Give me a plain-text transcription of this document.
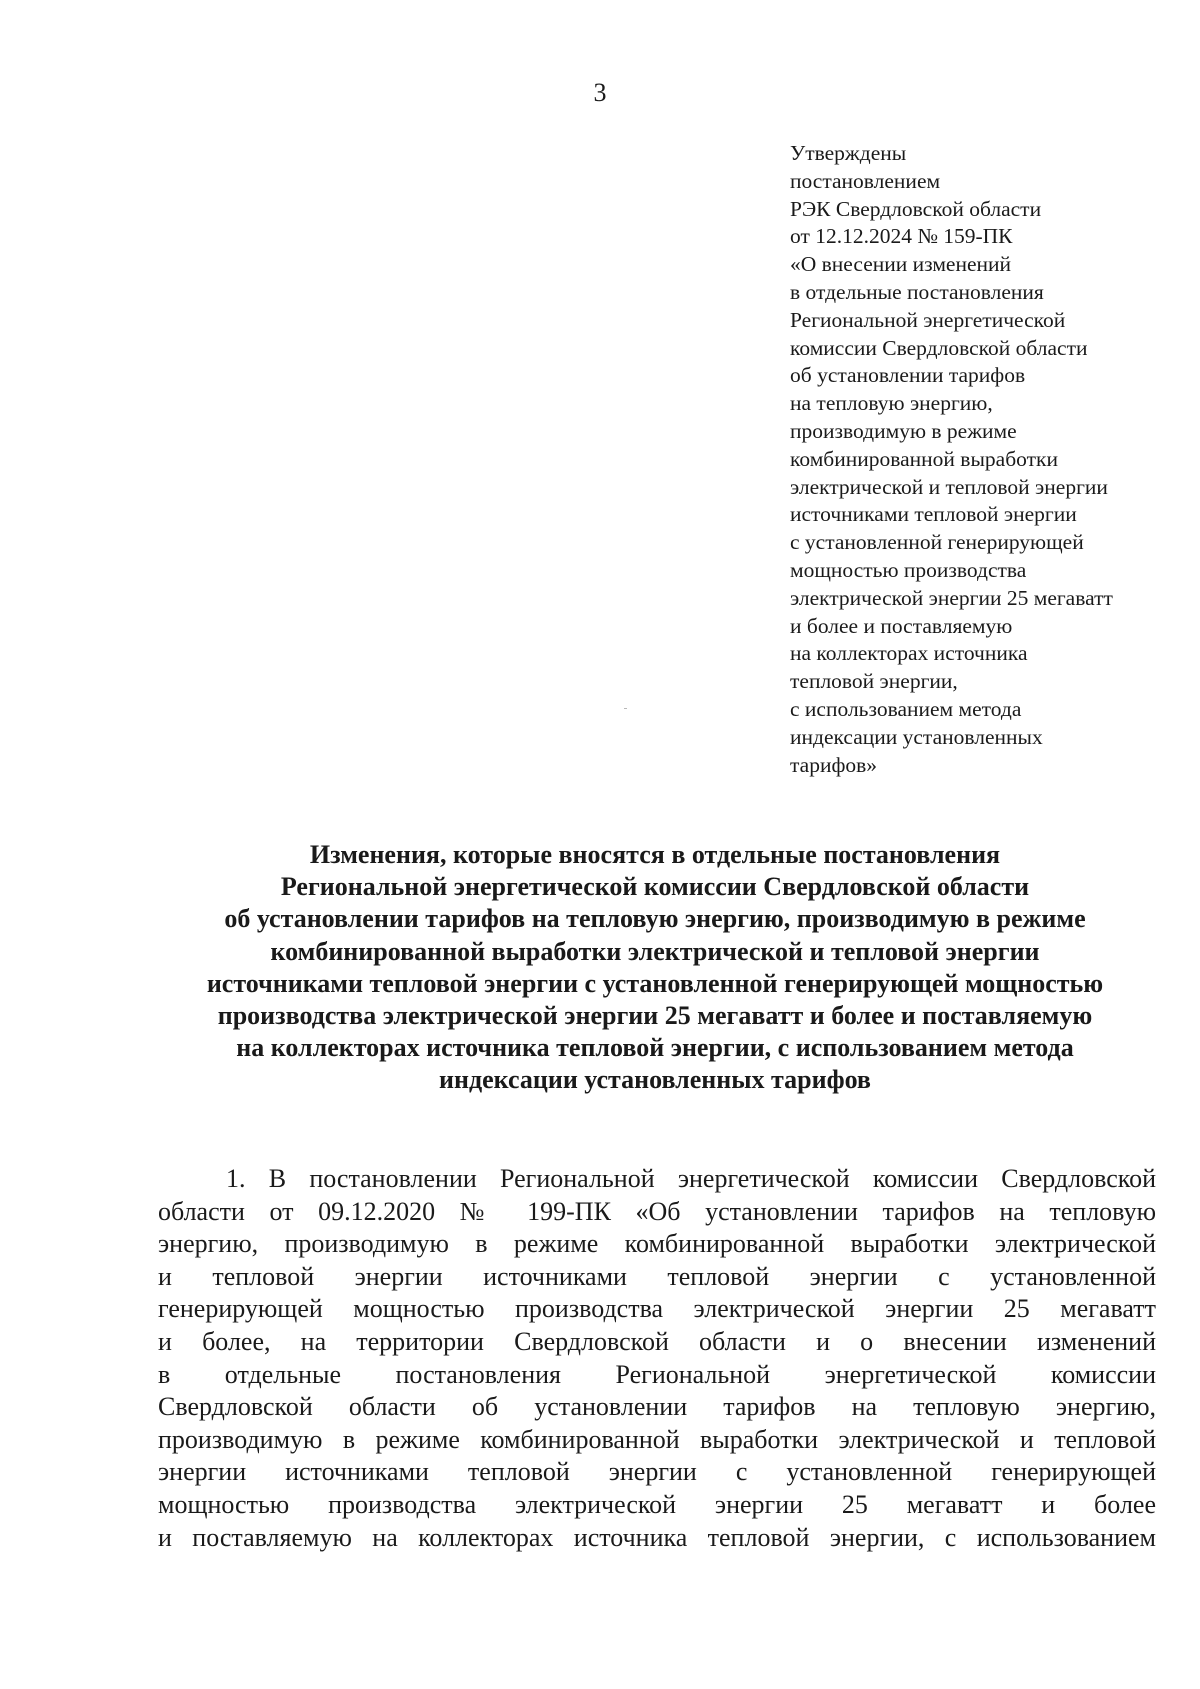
3
Утверждены
постановлением
РЭК Свердловской области
от 12.12.2024 № 159-ПК
«О внесении изменений
в отдельные постановления
Региональной энергетической
комиссии Свердловской области
об установлении тарифов
на тепловую энергию,
производимую в режиме
комбинированной выработки
электрической и тепловой энергии
источниками тепловой энергии
с установленной генерирующей
мощностью производства
электрической энергии 25 мегаватт
и более и поставляемую
на коллекторах источника
тепловой энергии,
с использованием метода
индексации установленных
тарифов»
Изменения, которые вносятся в отдельные постановления
Региональной энергетической комиссии Свердловской области
об установлении тарифов на тепловую энергию, производимую в режиме
комбинированной выработки электрической и тепловой энергии
источниками тепловой энергии с установленной генерирующей мощностью
производства электрической энергии 25 мегаватт и более и поставляемую
на коллекторах источника тепловой энергии, с использованием метода
индексации установленных тарифов
1. В постановлении Региональной энергетической комиссии Свердловской
области от 09.12.2020 № 199-ПК «Об установлении тарифов на тепловую
энергию, производимую в режиме комбинированной выработки электрической
и тепловой энергии источниками тепловой энергии с установленной
генерирующей мощностью производства электрической энергии 25 мегаватт
и более, на территории Свердловской области и о внесении изменений
в отдельные постановления Региональной энергетической комиссии
Свердловской области об установлении тарифов на тепловую энергию,
производимую в режиме комбинированной выработки электрической и тепловой
энергии источниками тепловой энергии с установленной генерирующей
мощностью производства электрической энергии 25 мегаватт и более
и поставляемую на коллекторах источника тепловой энергии, с использованием
